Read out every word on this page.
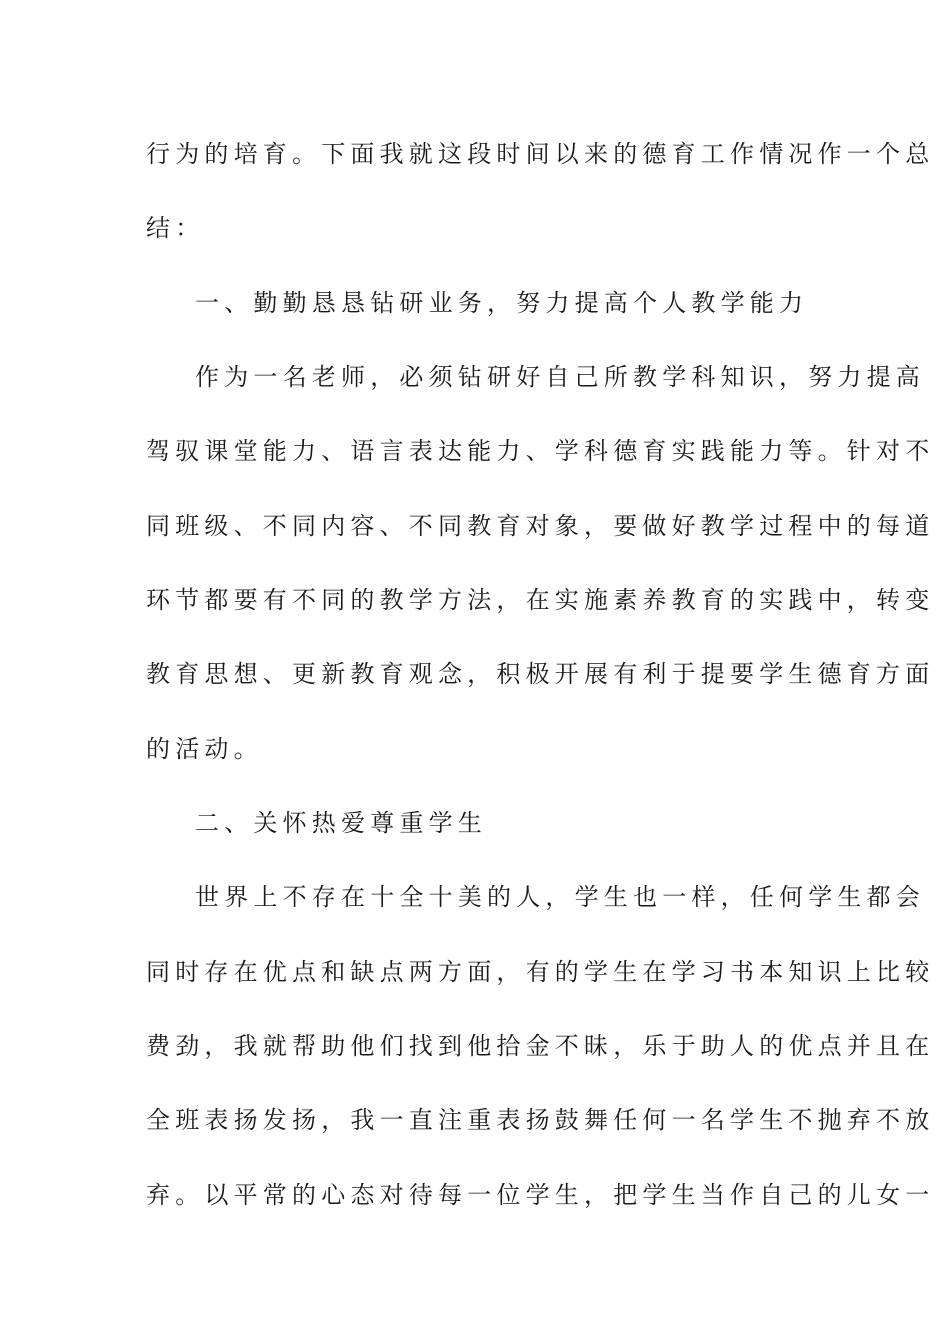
行为的培育。下面我就这段时间以来的德育工作情况作一个总
结：
一、勤勤恳恳钻研业务，努力提高个人教学能力
作为一名老师，必须钻研好自己所教学科知识，努力提高
驾驭课堂能力、语言表达能力、学科德育实践能力等。针对不
同班级、不同内容、不同教育对象，要做好教学过程中的每道
环节都要有不同的教学方法，在实施素养教育的实践中，转变
教育思想、更新教育观念，积极开展有利于提要学生德育方面
的活动。
二、关怀热爱尊重学生
世界上不存在十全十美的人，学生也一样，任何学生都会
同时存在优点和缺点两方面，有的学生在学习书本知识上比较
费劲，我就帮助他们找到他拾金不昧，乐于助人的优点并且在
全班表扬发扬，我一直注重表扬鼓舞任何一名学生不抛弃不放
弃。以平常的心态对待每一位学生，把学生当作自己的儿女一
